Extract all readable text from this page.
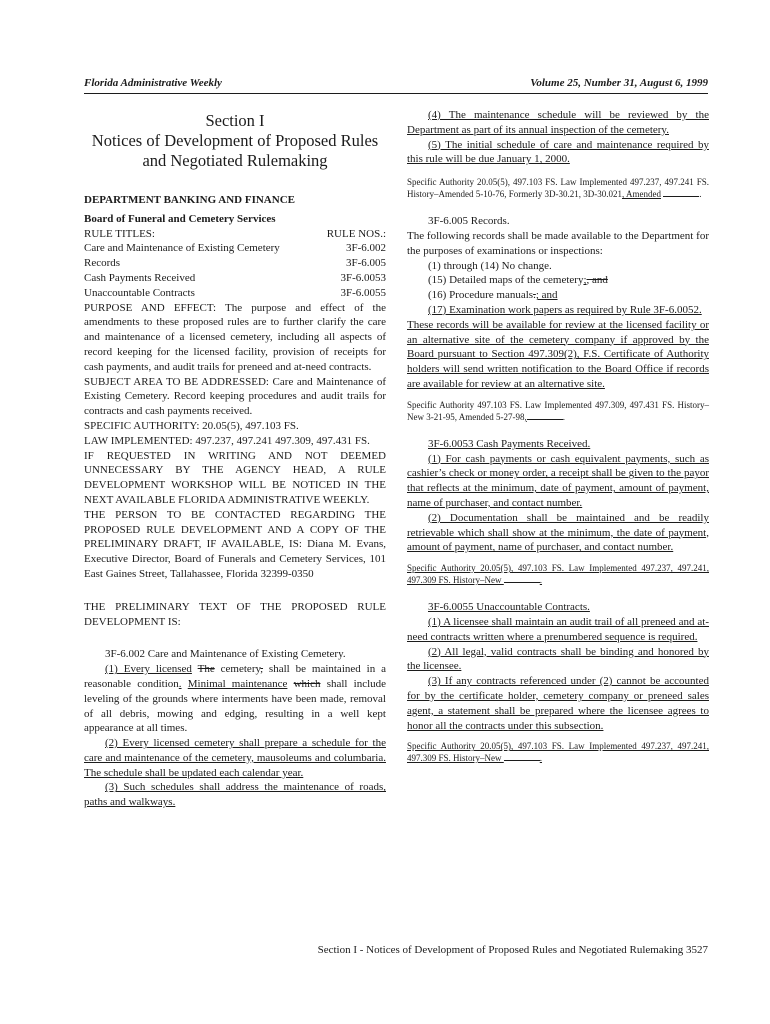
Florida Administrative Weekly	Volume 25, Number 31, August 6, 1999
Section I
Notices of Development of Proposed Rules
and Negotiated Rulemaking

DEPARTMENT BANKING AND FINANCE

Board of Funeral and Cemetery Services

RULE TITLES:	RULE NOS.:
Care and Maintenance of Existing Cemetery	3F-6.002
Records	3F-6.005
Cash Payments Received	3F-6.0053
Unaccountable Contracts	3F-6.0055

PURPOSE AND EFFECT: The purpose and effect of the amendments to these proposed rules are to further clarify the care and maintenance of a licensed cemetery, including all aspects of record keeping for the licensed facility, provision of receipts for cash payments, and audit trails for preneed and at-need contracts.

SUBJECT AREA TO BE ADDRESSED: Care and Maintenance of Existing Cemetery. Record keeping procedures and audit trails for contracts and cash payments received.

SPECIFIC AUTHORITY: 20.05(5), 497.103 FS.

LAW IMPLEMENTED: 497.237, 497.241 497.309, 497.431 FS.

IF REQUESTED IN WRITING AND NOT DEEMED UNNECESSARY BY THE AGENCY HEAD, A RULE DEVELOPMENT WORKSHOP WILL BE NOTICED IN THE NEXT AVAILABLE FLORIDA ADMINISTRATIVE WEEKLY.

THE PERSON TO BE CONTACTED REGARDING THE PROPOSED RULE DEVELOPMENT AND A COPY OF THE PRELIMINARY DRAFT, IF AVAILABLE, IS: Diana M. Evans, Executive Director, Board of Funerals and Cemetery Services, 101 East Gaines Street, Tallahassee, Florida 32399-0350

THE PRELIMINARY TEXT OF THE PROPOSED RULE DEVELOPMENT IS:

3F-6.002 Care and Maintenance of Existing Cemetery.

(1) Every licensed The cemetery, shall be maintained in a reasonable condition. Minimal maintenance which shall include leveling of the grounds where interments have been made, removal of all debris, mowing and edging, resulting in a well kept appearance at all times.

(2) Every licensed cemetery shall prepare a schedule for the care and maintenance of the cemetery, mausoleums and columbaria. The schedule shall be updated each calendar year.

(3) Such schedules shall address the maintenance of roads, paths and walkways.

(4) The maintenance schedule will be reviewed by the Department as part of its annual inspection of the cemetery.

(5) The initial schedule of care and maintenance required by this rule will be due January 1, 2000.

Specific Authority 20.05(5), 497.103 FS. Law Implemented 497.237, 497.241 FS. History–Amended 5-10-76, Formerly 3D-30.21, 3D-30.021, Amended	.

3F-6.005 Records.

The following records shall be made available to the Department for the purposes of examinations or inspections:

(1) through (14) No change.

(15) Detailed maps of the cemetery;, and

(16) Procedure manuals.; and

(17) Examination work papers as required by Rule 3F-6.0052.

These records will be available for review at the licensed facility or an alternative site of the cemetery company if approved by the Board pursuant to Section 497.309(2), F.S. Certificate of Authority holders will send written notification to the Board Office if records are available for review at an alternative site.

Specific Authority 497.103 FS. Law Implemented 497.309, 497.431 FS. History–New 3-21-95, Amended 5-27-98,	.

3F-6.0053 Cash Payments Received.

(1) For cash payments or cash equivalent payments, such as cashier’s check or money order, a receipt shall be given to the payor that reflects at the minimum, date of payment, amount of payment, name of purchaser, and contact number.

(2) Documentation shall be maintained and be readily retrievable which shall show at the minimum, the date of payment, amount of payment, name of purchaser, and contact number.

Specific Authority 20.05(5), 497.103 FS. Law Implemented 497.237, 497.241, 497.309 FS. History–New	.

3F-6.0055 Unaccountable Contracts.

(1) A licensee shall maintain an audit trail of all preneed and at-need contracts written where a prenumbered sequence is required.

(2) All legal, valid contracts shall be binding and honored by the licensee.

(3) If any contracts referenced under (2) cannot be accounted for by the certificate holder, cemetery company or preneed sales agent, a statement shall be prepared where the licensee agrees to honor all the contracts under this subsection.

Specific Authority 20.05(5), 497.103 FS. Law Implemented 497.237, 497.241, 497.309 FS. History–New	.

Section I - Notices of Development of Proposed Rules and Negotiated Rulemaking 3527
